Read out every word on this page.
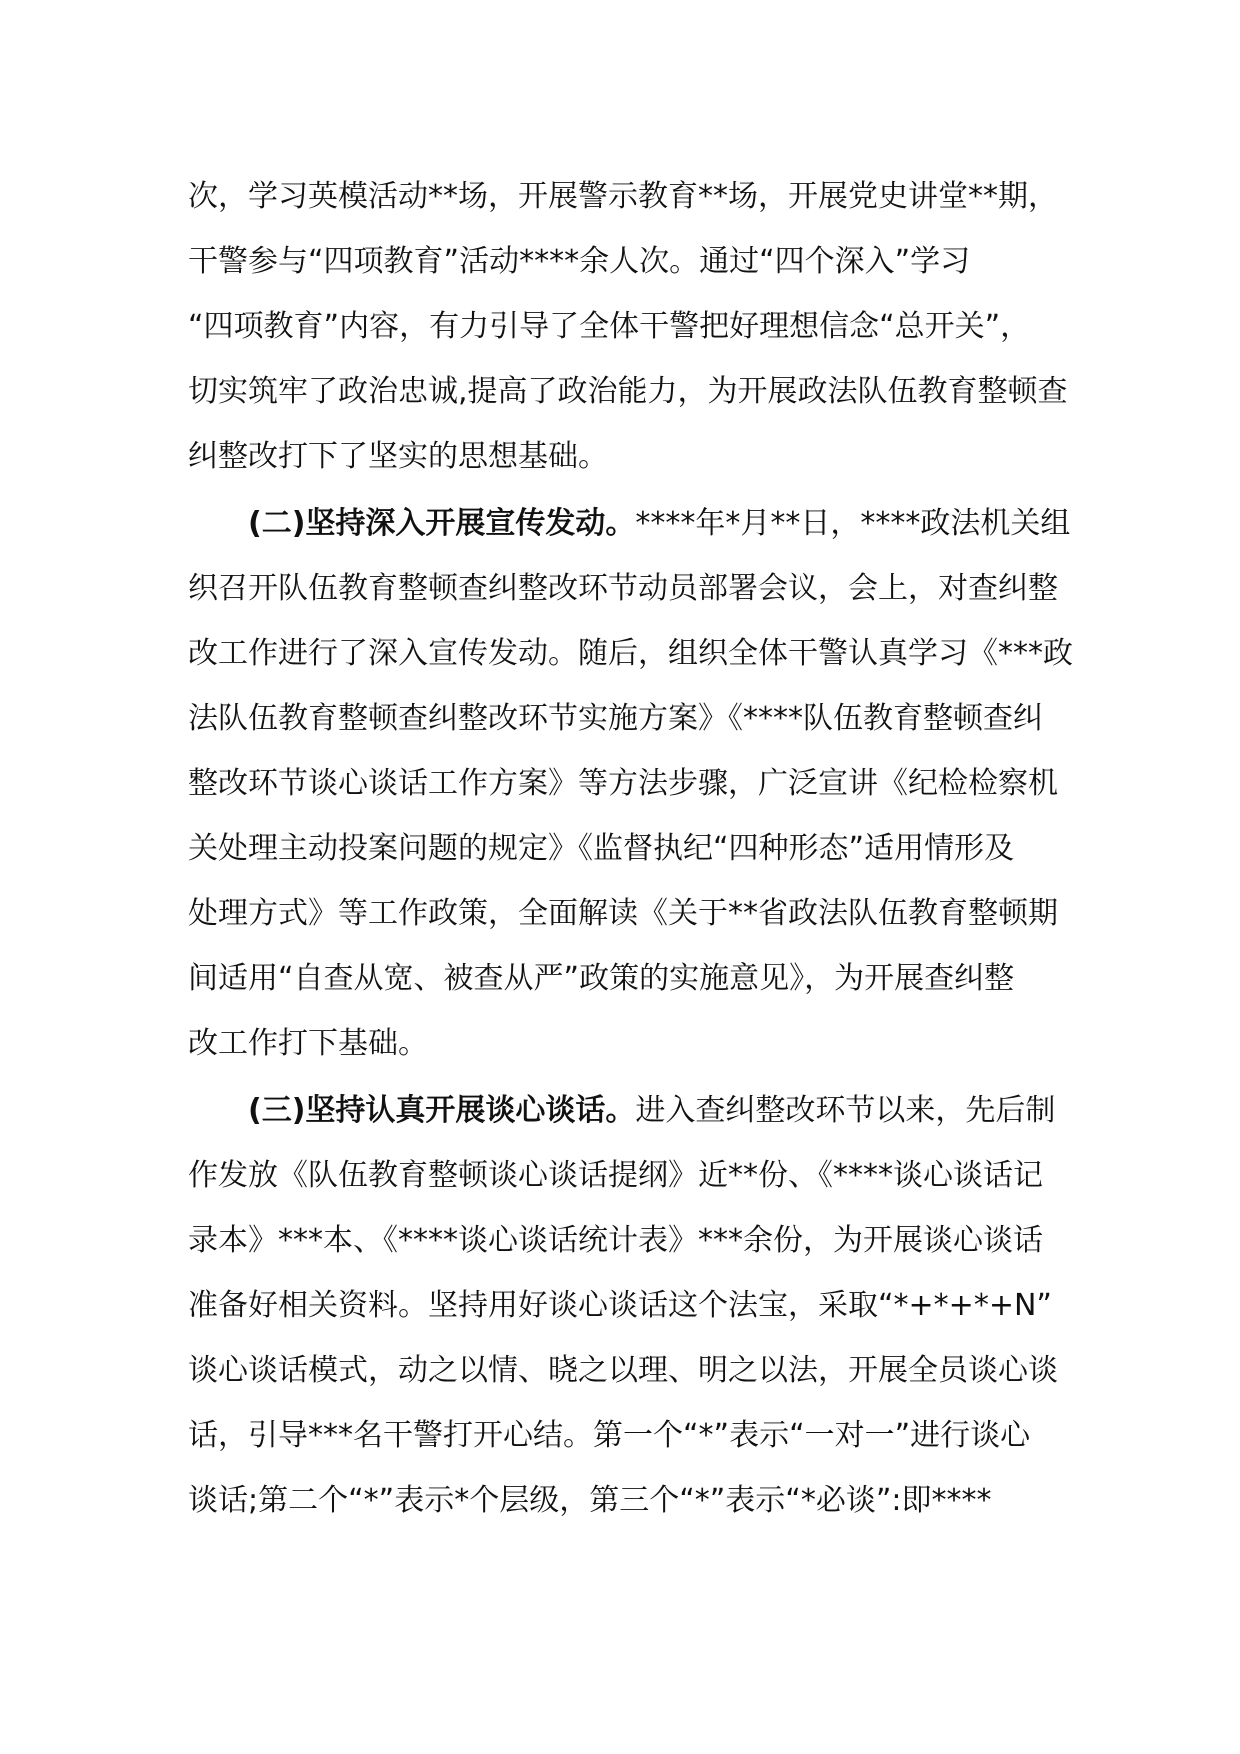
次，学习英模活动**场，开展警示教育**场，开展党史讲堂**期，
干警参与“四项教育”活动****余人次。通过“四个深入”学习
“四项教育”内容，有力引导了全体干警把好理想信念“总开关”，
切实筑牢了政治忠诚,提高了政治能力，为开展政法队伍教育整顿查
纠整改打下了坚实的思想基础。

(二)坚持深入开展宣传发动。****年*月**日，****政法机关组
织召开队伍教育整顿查纠整改环节动员部署会议，会上，对查纠整
改工作进行了深入宣传发动。随后，组织全体干警认真学习《***政
法队伍教育整顿查纠整改环节实施方案》《****队伍教育整顿查纠
整改环节谈心谈话工作方案》等方法步骤，广泛宣讲《纪检检察机
关处理主动投案问题的规定》《监督执纪“四种形态”适用情形及
处理方式》等工作政策，全面解读《关于**省政法队伍教育整顿期
间适用“自查从宽、被查从严”政策的实施意见》，为开展查纠整
改工作打下基础。

(三)坚持认真开展谈心谈话。进入查纠整改环节以来，先后制
作发放《队伍教育整顿谈心谈话提纲》近**份、《****谈心谈话记
录本》***本、《****谈心谈话统计表》***余份，为开展谈心谈话
准备好相关资料。坚持用好谈心谈话这个法宝，采取“*+*+*+N”
谈心谈话模式，动之以情、晓之以理、明之以法，开展全员谈心谈
话，引导***名干警打开心结。第一个“*”表示“一对一”进行谈心
谈话;第二个“*”表示*个层级，第三个“*”表示“*必谈”:即****
